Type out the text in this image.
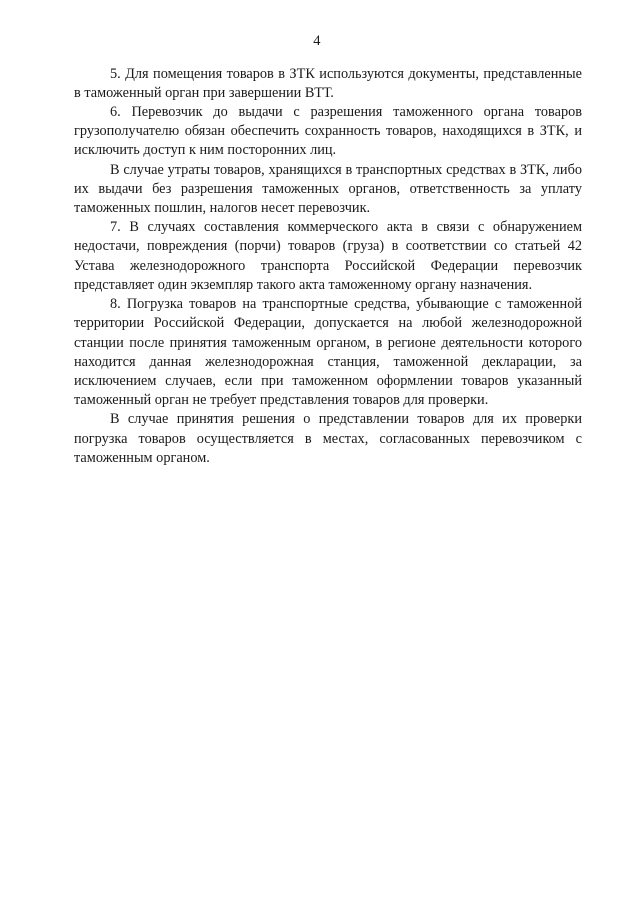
4

5. Для помещения товаров в ЗТК используются документы, представленные в таможенный орган при завершении ВТТ.

6. Перевозчик до выдачи с разрешения таможенного органа товаров грузополучателю обязан обеспечить сохранность товаров, находящихся в ЗТК, и исключить доступ к ним посторонних лиц.

В случае утраты товаров, хранящихся в транспортных средствах в ЗТК, либо их выдачи без разрешения таможенных органов, ответственность за уплату таможенных пошлин, налогов несет перевозчик.

7. В случаях составления коммерческого акта в связи с обнаружением недостачи, повреждения (порчи) товаров (груза) в соответствии со статьей 42 Устава железнодорожного транспорта Российской Федерации перевозчик представляет один экземпляр такого акта таможенному органу назначения.

8. Погрузка товаров на транспортные средства, убывающие с таможенной территории Российской Федерации, допускается на любой железнодорожной станции после принятия таможенным органом, в регионе деятельности которого находится данная железнодорожная станция, таможенной декларации, за исключением случаев, если при таможенном оформлении товаров указанный таможенный орган не требует представления товаров для проверки.

В случае принятия решения о представлении товаров для их проверки погрузка товаров осуществляется в местах, согласованных перевозчиком с таможенным органом.
